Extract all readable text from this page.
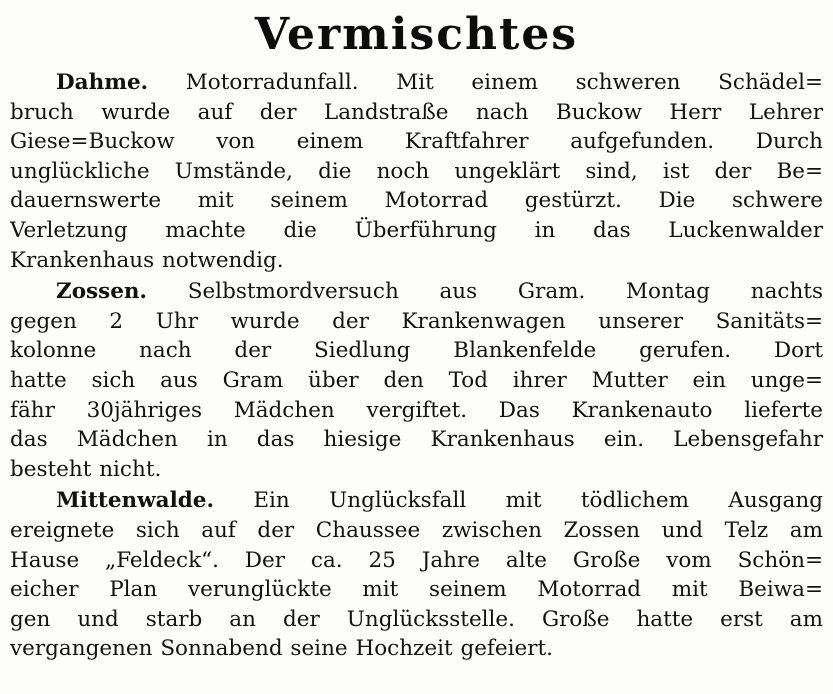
Vermischtes
Dahme. Motorradunfall. Mit einem schweren Schädel=
bruch wurde auf der Landstraße nach Buckow Herr Lehrer
Giese=Buckow von einem Kraftfahrer aufgefunden. Durch
unglückliche Umstände, die noch ungeklärt sind, ist der Be=
dauernswerte mit seinem Motorrad gestürzt. Die schwere
Verletzung machte die Überführung in das Luckenwalder
Krankenhaus notwendig.
Zossen. Selbstmordversuch aus Gram. Montag nachts
gegen 2 Uhr wurde der Krankenwagen unserer Sanitäts=
kolonne nach der Siedlung Blankenfelde gerufen. Dort
hatte sich aus Gram über den Tod ihrer Mutter ein unge=
fähr 30jähriges Mädchen vergiftet. Das Krankenauto lieferte
das Mädchen in das hiesige Krankenhaus ein. Lebensgefahr
besteht nicht.
Mittenwalde. Ein Unglücksfall mit tödlichem Ausgang
ereignete sich auf der Chaussee zwischen Zossen und Telz am
Hause „Feldeck“. Der ca. 25 Jahre alte Große vom Schön=
eicher Plan verunglückte mit seinem Motorrad mit Beiwa=
gen und starb an der Unglücksstelle. Große hatte erst am
vergangenen Sonnabend seine Hochzeit gefeiert.
